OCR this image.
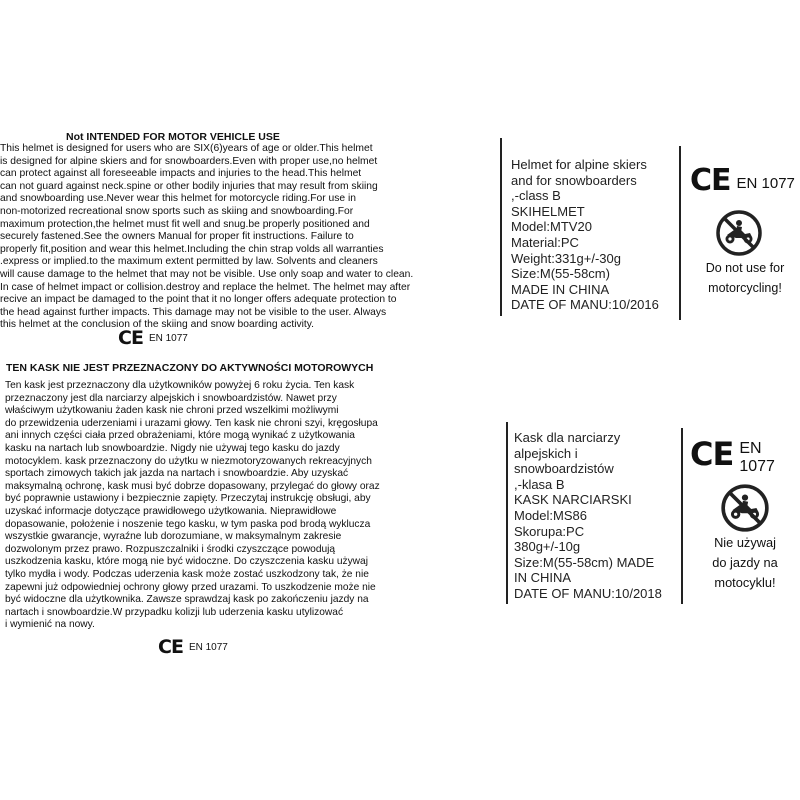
Not INTENDED FOR MOTOR VEHICLE USE
This helmet is designed for users who are SIX(6)years of age or older.This helmet
is designed for alpine skiers and for snowboarders.Even with proper use,no helmet
can protect against all foreseeable impacts and injuries to the head.This helmet
can not guard against neck.spine or other bodily injuries that may result from skiing
and snowboarding use.Never wear this helmet for motorcycle riding.For use in
non-motorized recreational snow sports such as skiing and snowboarding.For
maximum protection,the helmet must fit well and snug.be properly positioned and
securely fastened.See the owners Manual for proper fit instructions. Failure to
properly fit,position and wear this helmet.Including the chin strap volds all warranties
.express or implied.to the maximum extent permitted by law. Solvents and cleaners
will cause damage to the helmet that may not be visible. Use only soap and water to clean.
In case of helmet impact or collision.destroy and replace the helmet. The helmet may after
recive an impact be damaged to the point that it no longer offers adequate protection to
the head against further impacts. This damage may not be visible to the user. Always
this helmet at the conclusion of the skiing and snow boarding activity.
CE EN 1077
TEN KASK NIE JEST PRZEZNACZONY DO AKTYWNOŚCI MOTOROWYCH
Ten kask jest przeznaczony dla użytkowników powyżej 6 roku życia. Ten kask
przeznaczony jest dla narciarzy alpejskich i snowboardzistów. Nawet przy
właściwym użytkowaniu żaden kask nie chroni przed wszelkimi możliwymi
do przewidzenia uderzeniami i urazami głowy. Ten kask nie chroni szyi, kręgosłupa
ani innych części ciała przed obrażeniami, które mogą wynikać z użytkowania
kasku na nartach lub snowboardzie. Nigdy nie używaj tego kasku do jazdy
motocyklem. kask przeznaczony do użytku w niezmotoryzowanych rekreacyjnych
sportach zimowych takich jak jazda na nartach i snowboardzie. Aby uzyskać
maksymalną ochronę, kask musi być dobrze dopasowany, przylegać do głowy oraz
być poprawnie ustawiony i bezpiecznie zapięty. Przeczytaj instrukcję obsługi, aby
uzyskać informacje dotyczące prawidłowego użytkowania. Nieprawidłowe
dopasowanie, położenie i noszenie tego kasku, w tym paska pod brodą wyklucza
wszystkie gwarancje, wyraźne lub dorozumiane, w maksymalnym zakresie
dozwolonym przez prawo. Rozpuszczalniki i środki czyszczące powodują
uszkodzenia kasku, które mogą nie być widoczne. Do czyszczenia kasku używaj
tylko mydła i wody. Podczas uderzenia kask może zostać uszkodzony tak, że nie
zapewni już odpowiedniej ochrony głowy przed urazami. To uszkodzenie może nie
być widoczne dla użytkownika. Zawsze sprawdzaj kask po zakończeniu jazdy na
nartach i snowboardzie.W przypadku kolizji lub uderzenia kasku utylizować
i wymienić na nowy.
CE EN 1077
Helmet for alpine skiers
and for snowboarders
,-class B
SKIHELMET
Model:MTV20
Material:PC
Weight:331g+/-30g
Size:M(55-58cm)
MADE IN CHINA
DATE OF MANU:10/2016
CE EN 1077
Do not use for
motorcycling!
Kask dla narciarzy
alpejskich i
snowboardzistów
,-klasa B
KASK NARCIARSKI
Model:MS86
Skorupa:PC
380g+/-10g
Size:M(55-58cm) MADE
IN CHINA
DATE OF MANU:10/2018
CE EN 1077
Nie używaj
do jazdy na
motocyklu!
